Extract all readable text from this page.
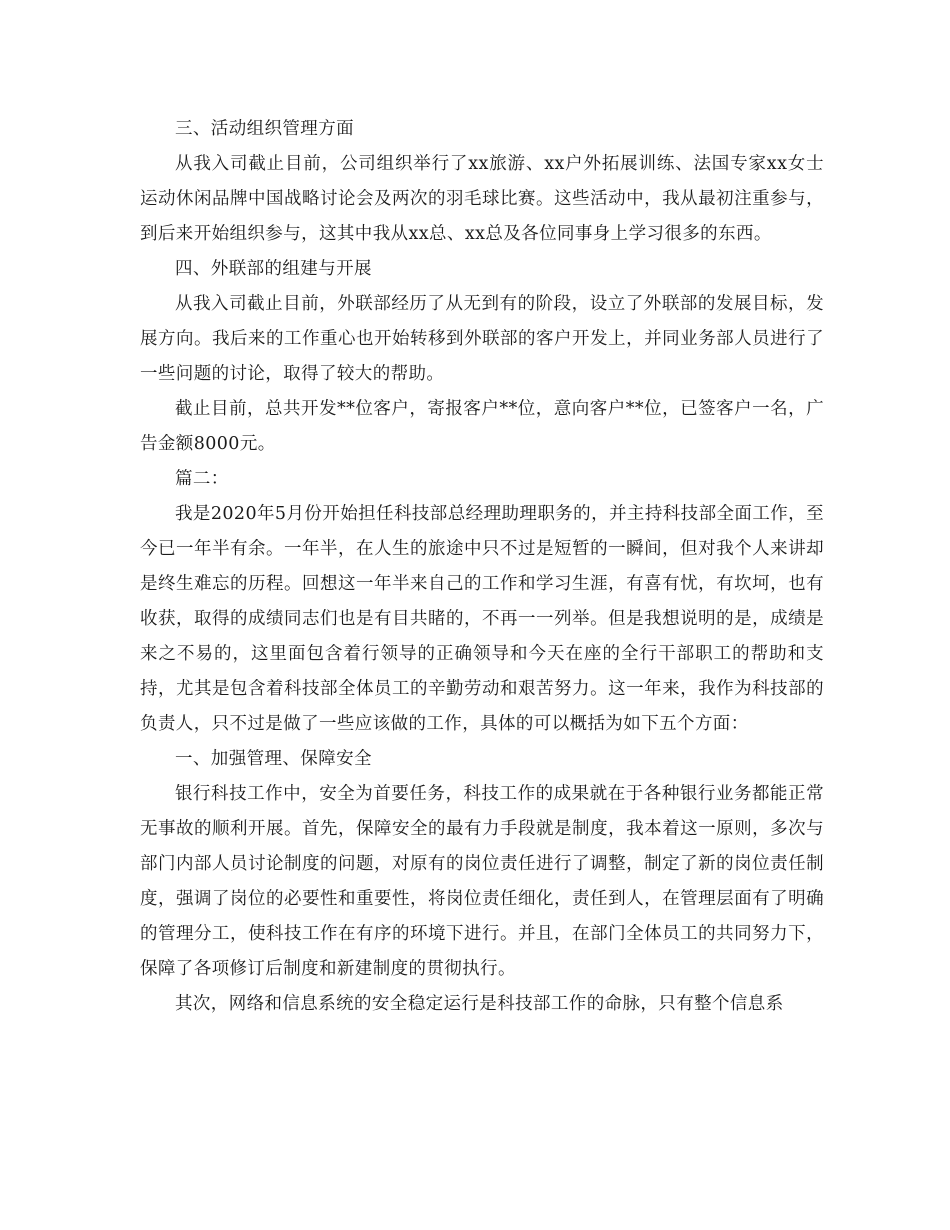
三、活动组织管理方面

从我入司截止目前，公司组织举行了xx旅游、xx户外拓展训练、法国专家xx女士运动休闲品牌中国战略讨论会及两次的羽毛球比赛。这些活动中，我从最初注重参与，到后来开始组织参与，这其中我从xx总、xx总及各位同事身上学习很多的东西。

四、外联部的组建与开展

从我入司截止目前，外联部经历了从无到有的阶段，设立了外联部的发展目标，发展方向。我后来的工作重心也开始转移到外联部的客户开发上，并同业务部人员进行了一些问题的讨论，取得了较大的帮助。

截止目前，总共开发**位客户，寄报客户**位，意向客户**位，已签客户一名，广告金额8000元。

篇二：

我是2020年5月份开始担任科技部总经理助理职务的，并主持科技部全面工作，至今已一年半有余。一年半，在人生的旅途中只不过是短暂的一瞬间，但对我个人来讲却是终生难忘的历程。回想这一年半来自己的工作和学习生涯，有喜有忧，有坎坷，也有收获，取得的成绩同志们也是有目共睹的，不再一一列举。但是我想说明的是，成绩是来之不易的，这里面包含着行领导的正确领导和今天在座的全行干部职工的帮助和支持，尤其是包含着科技部全体员工的辛勤劳动和艰苦努力。这一年来，我作为科技部的负责人，只不过是做了一些应该做的工作，具体的可以概括为如下五个方面：

一、加强管理、保障安全

银行科技工作中，安全为首要任务，科技工作的成果就在于各种银行业务都能正常无事故的顺利开展。首先，保障安全的最有力手段就是制度，我本着这一原则，多次与部门内部人员讨论制度的问题，对原有的岗位责任进行了调整，制定了新的岗位责任制度，强调了岗位的必要性和重要性，将岗位责任细化，责任到人，在管理层面有了明确的管理分工，使科技工作在有序的环境下进行。并且，在部门全体员工的共同努力下，保障了各项修订后制度和新建制度的贯彻执行。

其次，网络和信息系统的安全稳定运行是科技部工作的命脉，只有整个信息系
